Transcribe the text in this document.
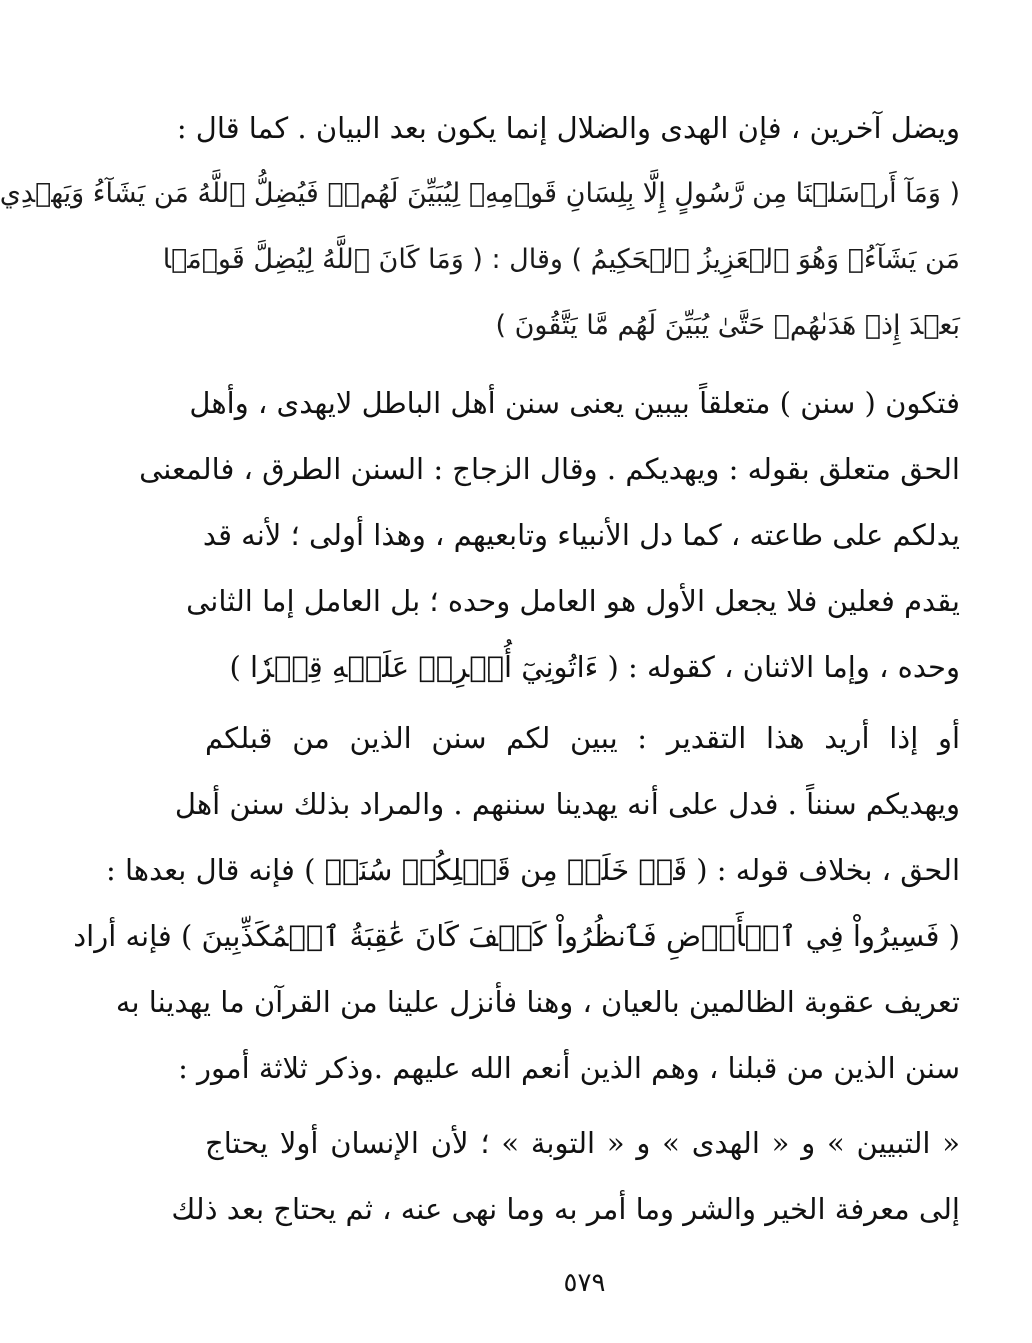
ويضل آخرين ، فإن الهدى والضلال إنما يكون بعد البيان . كما قال :
( وَمَآ أَرۡسَلۡنَا مِن رَّسُولٍ إِلَّا بِلِسَانِ قَوۡمِهِۦ لِيُبَيِّنَ لَهُمۡۖ فَيُضِلُّ ٱللَّهُ مَن يَشَآءُ وَيَهۡدِي
مَن يَشَآءُۚ وَهُوَ ٱلۡعَزِيزُ ٱلۡحَكِيمُ ) وقال : ( وَمَا كَانَ ٱللَّهُ لِيُضِلَّ قَوۡمَۢا
بَعۡدَ إِذۡ هَدَىٰهُمۡ حَتَّىٰ يُبَيِّنَ لَهُم مَّا يَتَّقُونَ )
فتكون ( سنن ) متعلقاً بيبين يعنى سنن أهل الباطل لايهدى ، وأهل
الحق متعلق بقوله : ويهديكم . وقال الزجاج : السنن الطرق ، فالمعنى
يدلكم على طاعته ، كما دل الأنبياء وتابعيهم ، وهذا أولى ؛ لأنه قد
يقدم فعلين فلا يجعل الأول هو العامل وحده ؛ بل العامل إما الثانى
وحده ، وإما الاثنان ، كقوله : ( ءَاتُونِيٓ أُفۡرِغۡ عَلَيۡهِ قِطۡرٗا )
أو إذا أريد هذا التقدير : يبين لكم سنن الذين من قبلكم
ويهديكم سنناً . فدل على أنه يهدينا سننهم . والمراد بذلك سنن أهل
الحق ، بخلاف قوله : ( قَدۡ خَلَتۡ مِن قَبۡلِكُمۡ سُنَنٞ ) فإنه قال بعدها :
( فَسِيرُواْ فِي ٱلۡأَرۡضِ فَٱنظُرُواْ كَيۡفَ كَانَ عَٰقِبَةُ ٱلۡمُكَذِّبِينَ ) فإنه أراد
تعريف عقوبة الظالمين بالعيان ، وهنا فأنزل علينا من القرآن ما يهدينا به
سنن الذين من قبلنا ، وهم الذين أنعم الله عليهم .وذكر ثلاثة أمور :
« التبيين » و « الهدى » و « التوبة » ؛ لأن الإنسان أولا يحتاج
إلى معرفة الخير والشر وما أمر به وما نهى عنه ، ثم يحتاج بعد ذلك
٥٧٩
